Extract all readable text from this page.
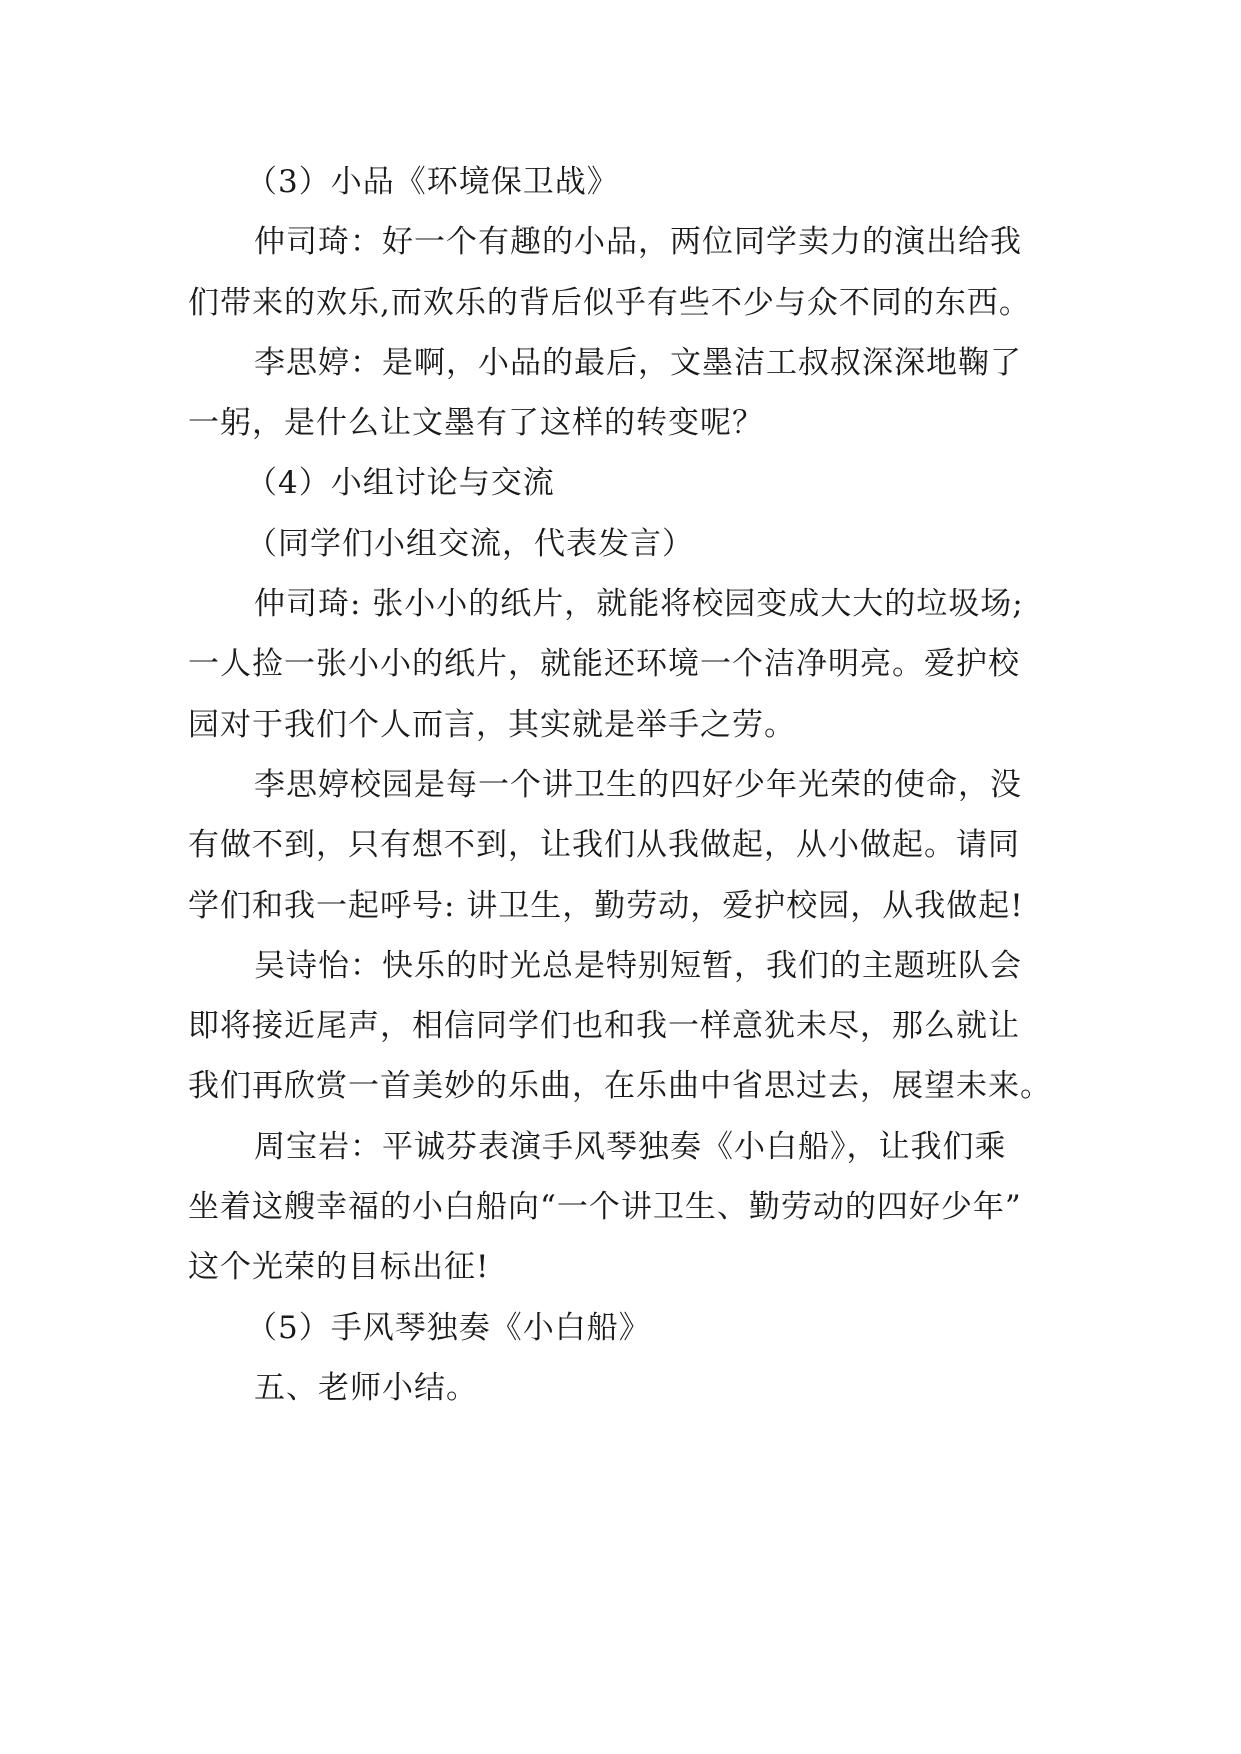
（3）小品《环境保卫战》
仲司琦：好一个有趣的小品，两位同学卖力的演出给我
们带来的欢乐,而欢乐的背后似乎有些不少与众不同的东西。
李思婷：是啊，小品的最后，文墨洁工叔叔深深地鞠了
一躬，是什么让文墨有了这样的转变呢？
（4）小组讨论与交流
（同学们小组交流，代表发言）
仲司琦: 张小小的纸片，就能将校园变成大大的垃圾场;
一人捡一张小小的纸片，就能还环境一个洁净明亮。爱护校
园对于我们个人而言，其实就是举手之劳。
李思婷校园是每一个讲卫生的四好少年光荣的使命，没
有做不到，只有想不到，让我们从我做起，从小做起。请同
学们和我一起呼号: 讲卫生，勤劳动，爱护校园，从我做起!
吴诗怡：快乐的时光总是特别短暂，我们的主题班队会
即将接近尾声，相信同学们也和我一样意犹未尽，那么就让
我们再欣赏一首美妙的乐曲，在乐曲中省思过去，展望未来。
周宝岩：平诚芬表演手风琴独奏《小白船》，让我们乘
坐着这艘幸福的小白船向“一个讲卫生、勤劳动的四好少年”
这个光荣的目标出征!
（5）手风琴独奏《小白船》
五、老师小结。
